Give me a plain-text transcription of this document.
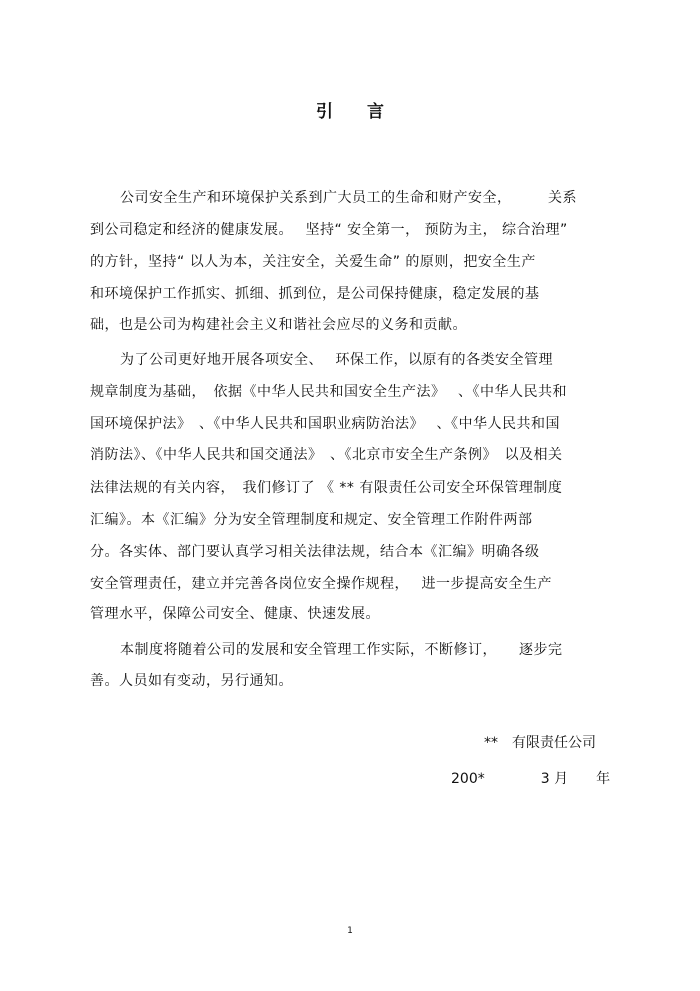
引言
公司安全生产和环境保护关系到广大员工的生命和财产安全，　　　关系
到公司稳定和经济的健康发展。　 坚持“ 安全第一， 预防为主， 综合治理”
的方针，坚持“ 以人为本，关注安全，关爱生命” 的原则，把安全生产
和环境保护工作抓实、抓细、抓到位，是公司保持健康，稳定发展的基
础，也是公司为构建社会主义和谐社会应尽的义务和贡献。
为了公司更好地开展各项安全、　 环保工作，以原有的各类安全管理
规章制度为基础，　依据《中华人民共和国安全生产法》　 、《中华人民共和
国环境保护法》　、《中华人民共和国职业病防治法》　 、《中华人民共和国
消防法》、《中华人民共和国交通法》　、《北京市安全生产条例》　以及相关
法律法规的有关内容，　我们修订了 《 ** 有限责任公司安全环保管理制度
汇编》。本《汇编》分为安全管理制度和规定、安全管理工作附件两部
分。各实体、部门要认真学习相关法律法规，结合本《汇编》明确各级
安全管理责任，建立并完善各岗位安全操作规程，　 进一步提高安全生产
管理水平，保障公司安全、健康、快速发展。
本制度将随着公司的发展和安全管理工作实际，不断修订，　　逐步完
善。人员如有变动，另行通知。
**　有限责任公司
200*　　　　3 月　　年
1
